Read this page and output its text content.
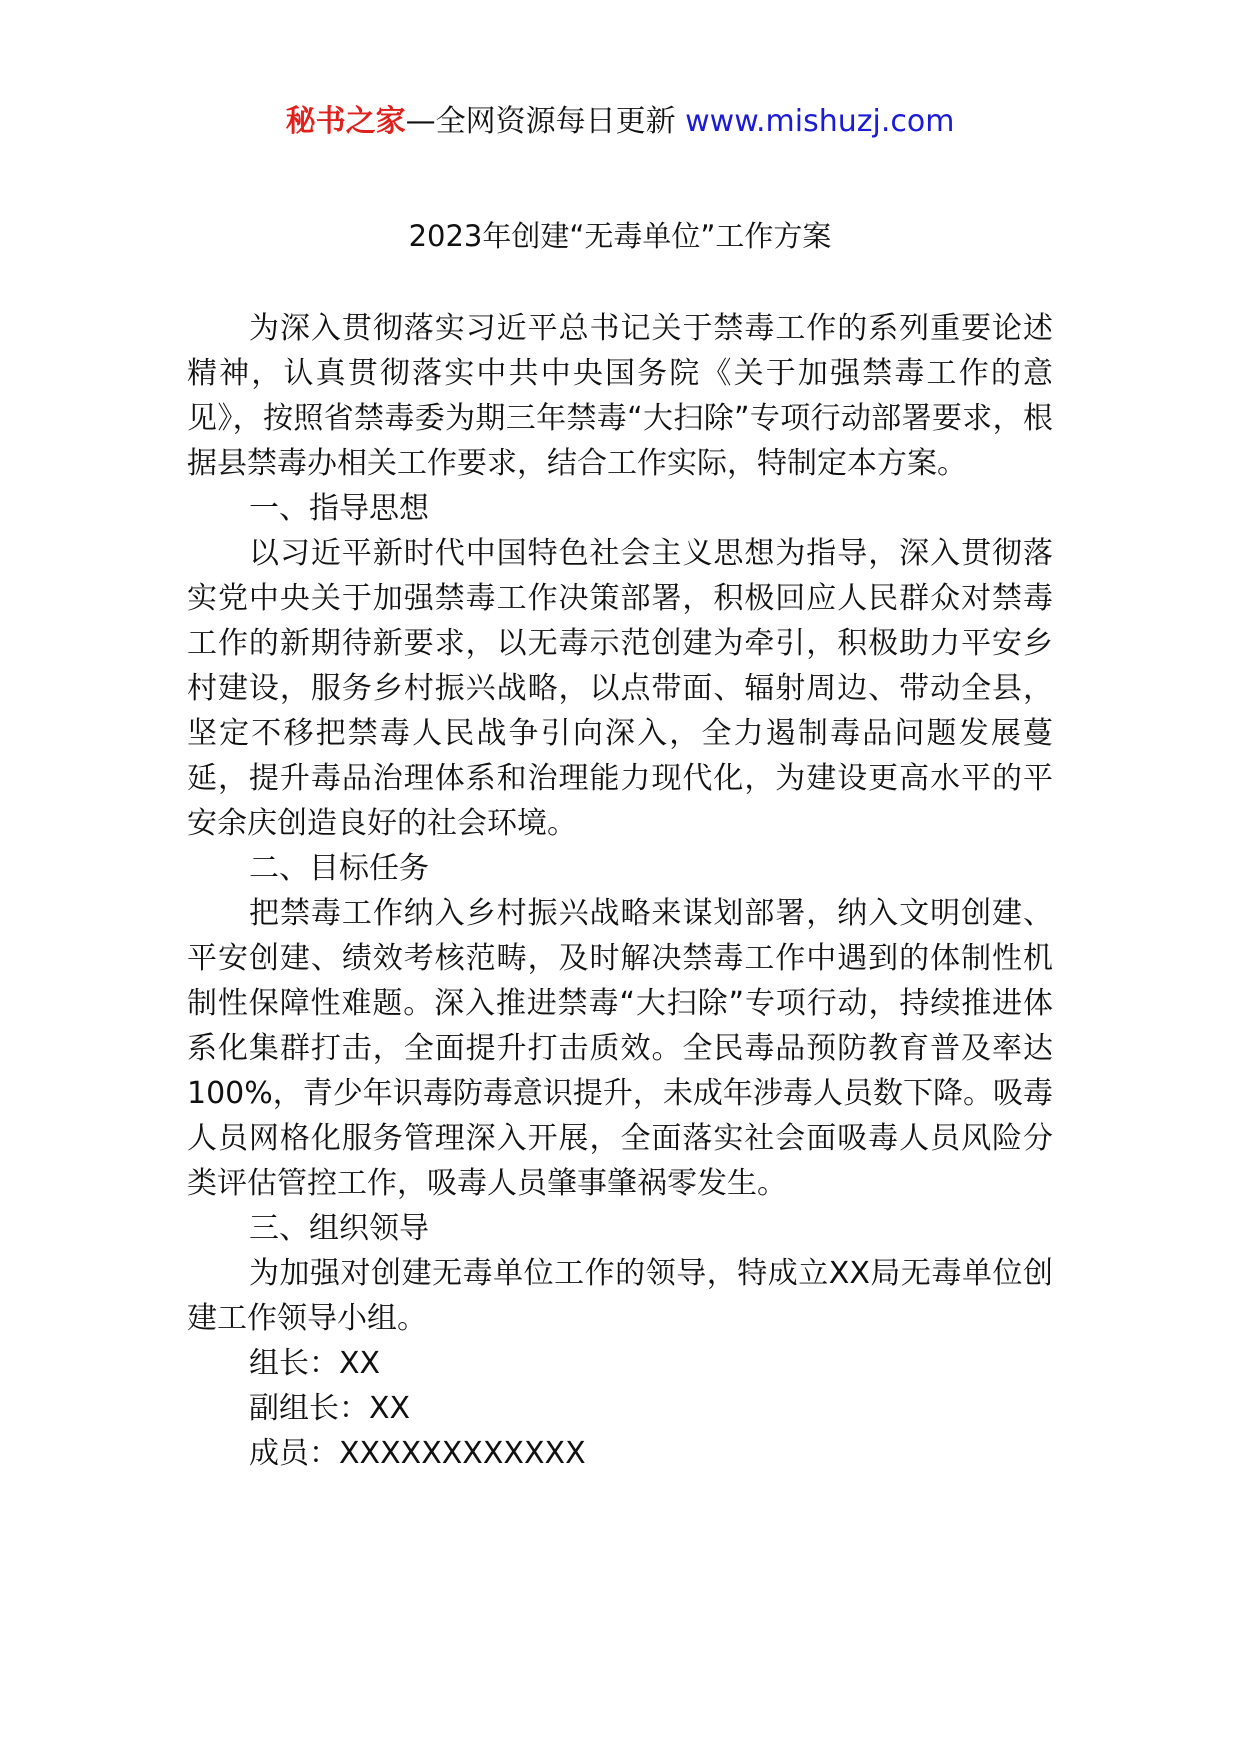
秘书之家—全网资源每日更新 www.mishuzj.com
2023年创建“无毒单位”工作方案

为深入贯彻落实习近平总书记关于禁毒工作的系列重要论述精神，认真贯彻落实中共中央国务院《关于加强禁毒工作的意见》，按照省禁毒委为期三年禁毒“大扫除”专项行动部署要求，根据县禁毒办相关工作要求，结合工作实际，特制定本方案。

一、指导思想

以习近平新时代中国特色社会主义思想为指导，深入贯彻落实党中央关于加强禁毒工作决策部署，积极回应人民群众对禁毒工作的新期待新要求，以无毒示范创建为牵引，积极助力平安乡村建设，服务乡村振兴战略，以点带面、辐射周边、带动全县，坚定不移把禁毒人民战争引向深入，全力遏制毒品问题发展蔓延，提升毒品治理体系和治理能力现代化，为建设更高水平的平安余庆创造良好的社会环境。

二、目标任务

把禁毒工作纳入乡村振兴战略来谋划部署，纳入文明创建、平安创建、绩效考核范畴，及时解决禁毒工作中遇到的体制性机制性保障性难题。深入推进禁毒“大扫除”专项行动，持续推进体系化集群打击，全面提升打击质效。全民毒品预防教育普及率达100%，青少年识毒防毒意识提升，未成年涉毒人员数下降。吸毒人员网格化服务管理深入开展，全面落实社会面吸毒人员风险分类评估管控工作，吸毒人员肇事肇祸零发生。

三、组织领导

为加强对创建无毒单位工作的领导，特成立XX局无毒单位创建工作领导小组。

组长：XX

副组长：XX

成员：XXXXXXXXXXXX
